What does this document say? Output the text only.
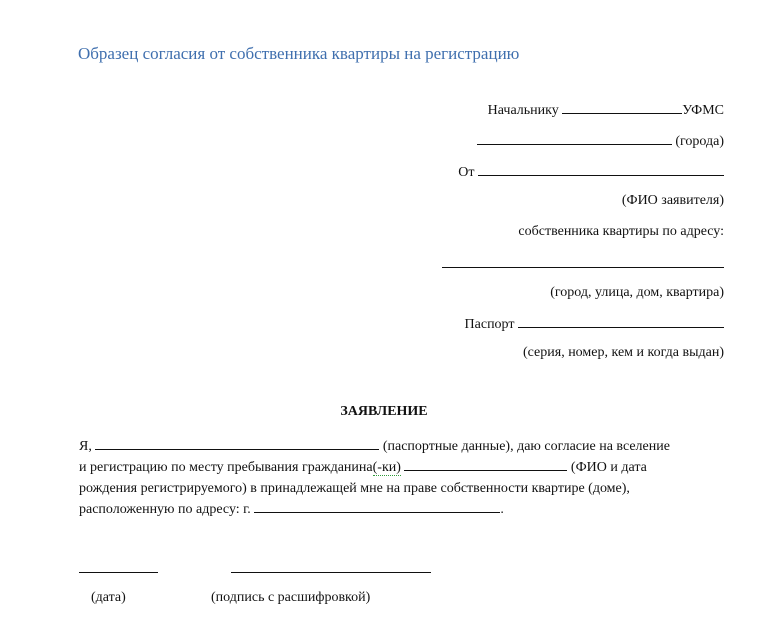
Образец согласия от собственника квартиры на регистрацию
Начальнику	УФМС
(города)
От
(ФИО заявителя)
собственника квартиры по адресу:
(город, улица, дом, квартира)
Паспорт
(серия, номер, кем и когда выдан)
ЗАЯВЛЕНИЕ

Я,	(паспортные данные), даю согласие на вселение

и регистрацию по месту пребывания гражданина(-ки)	(ФИО и дата

рождения регистрируемого) в принадлежащей мне на праве собственности квартире (доме),

расположенную по адресу: г.	.

(дата)	(подпись с расшифровкой)
